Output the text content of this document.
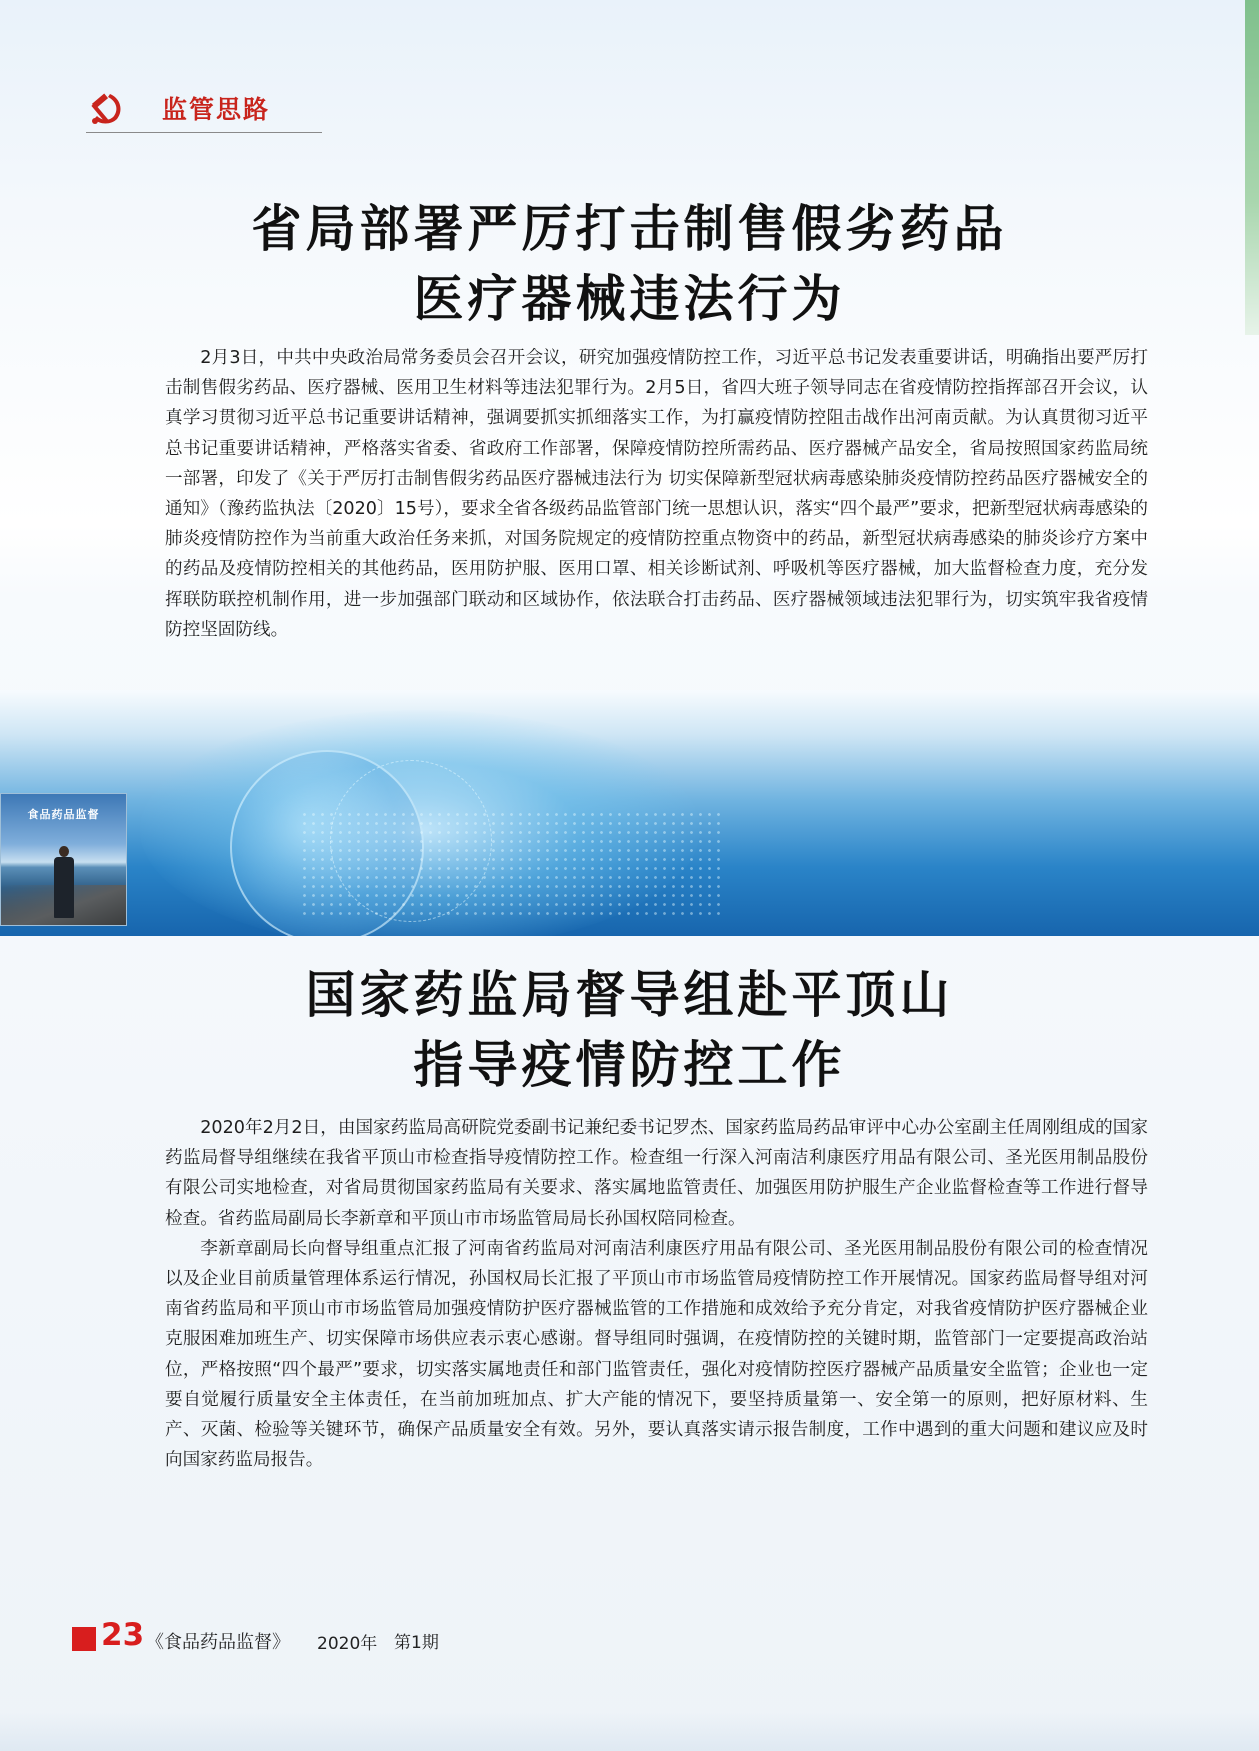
监管思路
省局部署严厉打击制售假劣药品
医疗器械违法行为

2月3日，中共中央政治局常务委员会召开会议，研究加强疫情防控工作，习近平总书记发表重要讲话，明确指出要严厉打击制售假劣药品、医疗器械、医用卫生材料等违法犯罪行为。2月5日，省四大班子领导同志在省疫情防控指挥部召开会议，认真学习贯彻习近平总书记重要讲话精神，强调要抓实抓细落实工作，为打赢疫情防控阻击战作出河南贡献。为认真贯彻习近平总书记重要讲话精神，严格落实省委、省政府工作部署，保障疫情防控所需药品、医疗器械产品安全，省局按照国家药监局统一部署，印发了《关于严厉打击制售假劣药品医疗器械违法行为 切实保障新型冠状病毒感染肺炎疫情防控药品医疗器械安全的通知》（豫药监执法〔2020〕15号），要求全省各级药品监管部门统一思想认识，落实“四个最严”要求，把新型冠状病毒感染的肺炎疫情防控作为当前重大政治任务来抓，对国务院规定的疫情防控重点物资中的药品，新型冠状病毒感染的肺炎诊疗方案中的药品及疫情防控相关的其他药品，医用防护服、医用口罩、相关诊断试剂、呼吸机等医疗器械，加大监督检查力度，充分发挥联防联控机制作用，进一步加强部门联动和区域协作，依法联合打击药品、医疗器械领域违法犯罪行为，切实筑牢我省疫情防控坚固防线。

食品药品监督
国家药监局督导组赴平顶山
指导疫情防控工作

2020年2月2日，由国家药监局高研院党委副书记兼纪委书记罗杰、国家药监局药品审评中心办公室副主任周刚组成的国家药监局督导组继续在我省平顶山市检查指导疫情防控工作。检查组一行深入河南洁利康医疗用品有限公司、圣光医用制品股份有限公司实地检查，对省局贯彻国家药监局有关要求、落实属地监管责任、加强医用防护服生产企业监督检查等工作进行督导检查。省药监局副局长李新章和平顶山市市场监管局局长孙国权陪同检查。

李新章副局长向督导组重点汇报了河南省药监局对河南洁利康医疗用品有限公司、圣光医用制品股份有限公司的检查情况以及企业目前质量管理体系运行情况，孙国权局长汇报了平顶山市市场监管局疫情防控工作开展情况。国家药监局督导组对河南省药监局和平顶山市市场监管局加强疫情防护医疗器械监管的工作措施和成效给予充分肯定，对我省疫情防护医疗器械企业克服困难加班生产、切实保障市场供应表示衷心感谢。督导组同时强调，在疫情防控的关键时期，监管部门一定要提高政治站位，严格按照“四个最严”要求，切实落实属地责任和部门监管责任，强化对疫情防控医疗器械产品质量安全监管；企业也一定要自觉履行质量安全主体责任，在当前加班加点、扩大产能的情况下，要坚持质量第一、安全第一的原则，把好原材料、生产、灭菌、检验等关键环节，确保产品质量安全有效。另外，要认真落实请示报告制度，工作中遇到的重大问题和建议应及时向国家药监局报告。

23 《食品药品监督》 2020年 第1期
